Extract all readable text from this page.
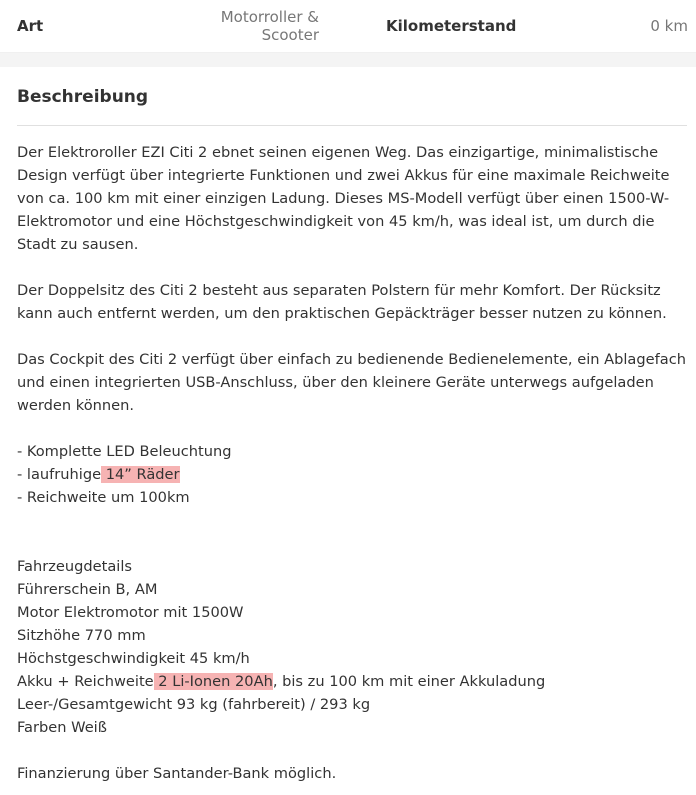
Art	Motorroller & Scooter	Kilometerstand	0 km
Beschreibung

Der Elektroroller EZI Citi 2 ebnet seinen eigenen Weg. Das einzigartige, minimalistische Design verfügt über integrierte Funktionen und zwei Akkus für eine maximale Reichweite von ca. 100 km mit einer einzigen Ladung. Dieses MS-Modell verfügt über einen 1500-W-Elektromotor und eine Höchstgeschwindigkeit von 45 km/h, was ideal ist, um durch die Stadt zu sausen.

Der Doppelsitz des Citi 2 besteht aus separaten Polstern für mehr Komfort. Der Rücksitz kann auch entfernt werden, um den praktischen Gepäckträger besser nutzen zu können.

Das Cockpit des Citi 2 verfügt über einfach zu bedienende Bedienelemente, ein Ablagefach und einen integrierten USB-Anschluss, über den kleinere Geräte unterwegs aufgeladen werden können.

- Komplette LED Beleuchtung

- laufruhige 14” Räder

- Reichweite um 100km

Fahrzeugdetails

Führerschein B, AM

Motor Elektromotor mit 1500W

Sitzhöhe 770 mm

Höchstgeschwindigkeit 45 km/h

Akku + Reichweite 2 Li-Ionen 20Ah, bis zu 100 km mit einer Akkuladung

Leer-/Gesamtgewicht 93 kg (fahrbereit) / 293 kg

Farben Weiß

Finanzierung über Santander-Bank möglich.
